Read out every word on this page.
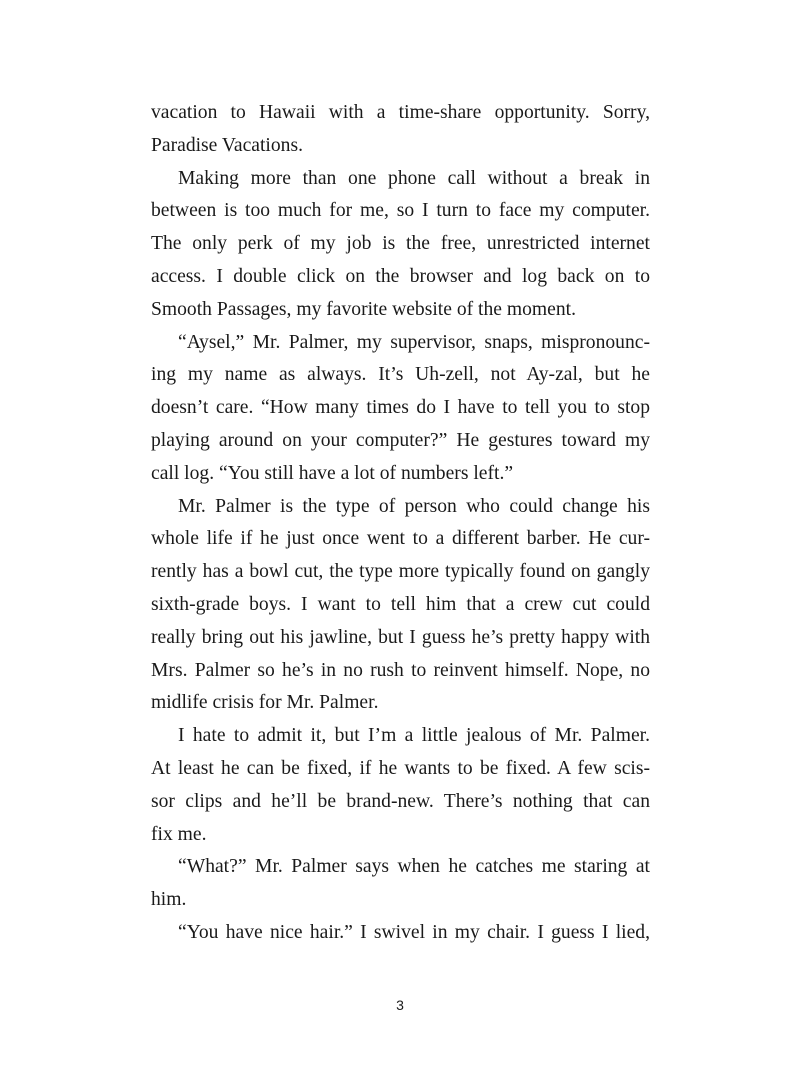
vacation to Hawaii with a time-share opportunity. Sorry,
Paradise Vacations.
Making more than one phone call without a break in
between is too much for me, so I turn to face my computer.
The only perk of my job is the free, unrestricted internet
access. I double click on the browser and log back on to
Smooth Passages, my favorite website of the moment.
“Aysel,” Mr. Palmer, my supervisor, snaps, mispronounc-
ing my name as always. It’s Uh-zell, not Ay-zal, but he
doesn’t care. “How many times do I have to tell you to stop
playing around on your computer?” He gestures toward my
call log. “You still have a lot of numbers left.”
Mr. Palmer is the type of person who could change his
whole life if he just once went to a different barber. He cur-
rently has a bowl cut, the type more typically found on gangly
sixth-grade boys. I want to tell him that a crew cut could
really bring out his jawline, but I guess he’s pretty happy with
Mrs. Palmer so he’s in no rush to reinvent himself. Nope, no
midlife crisis for Mr. Palmer.
I hate to admit it, but I’m a little jealous of Mr. Palmer.
At least he can be fixed, if he wants to be fixed. A few scis-
sor clips and he’ll be brand-new. There’s nothing that can
fix me.
“What?” Mr. Palmer says when he catches me staring at
him.
“You have nice hair.” I swivel in my chair. I guess I lied,
3
